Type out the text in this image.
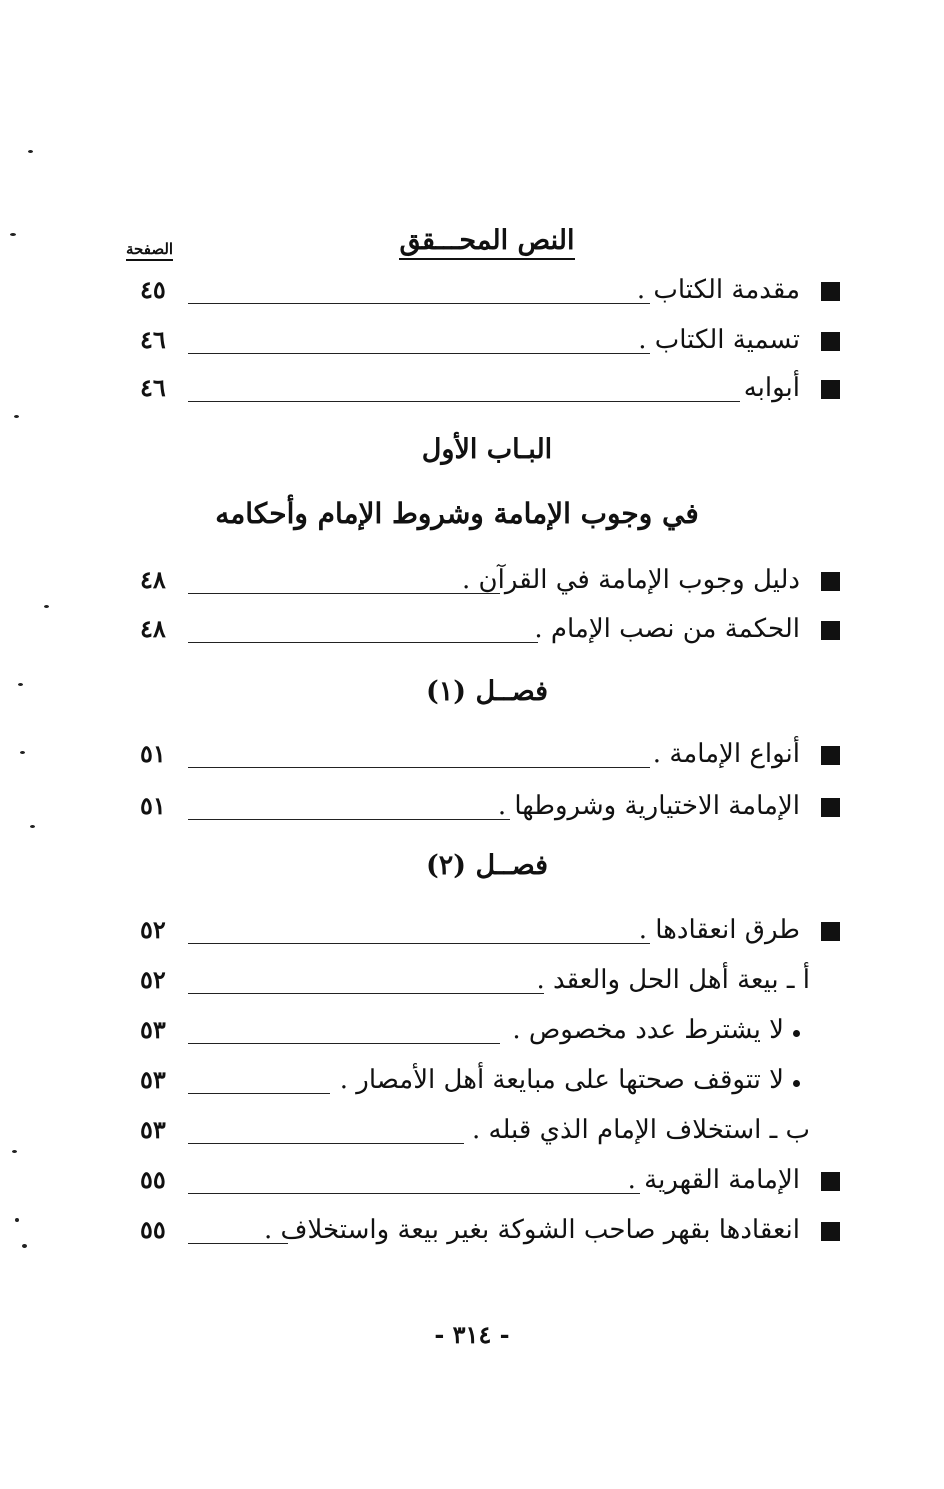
الصفحة	النص المحـــقق
مقدمة الكتاب .
٤٥
تسمية الكتاب .
٤٦
أبوابه
٤٦
البـاب الأول
في وجوب الإمامة وشروط الإمام وأحكامه
دليل وجوب الإمامة في القرآن .
٤٨
الحكمة من نصب الإمام .
٤٨
فصــل (١)
أنواع الإمامة .
٥١
الإمامة الاختيارية وشروطها .
٥١
فصــل (٢)
طرق انعقادها .
٥٢
أ ـ بيعة أهل الحل والعقد .
٥٢
لا يشترط عدد مخصوص .
٥٣
لا تتوقف صحتها على مبايعة أهل الأمصار .
٥٣
ب ـ استخلاف الإمام الذي قبله .
٥٣
الإمامة القهرية .
٥٥
انعقادها بقهر صاحب الشوكة بغير بيعة واستخلاف .
٥٥
- ٣١٤ -
